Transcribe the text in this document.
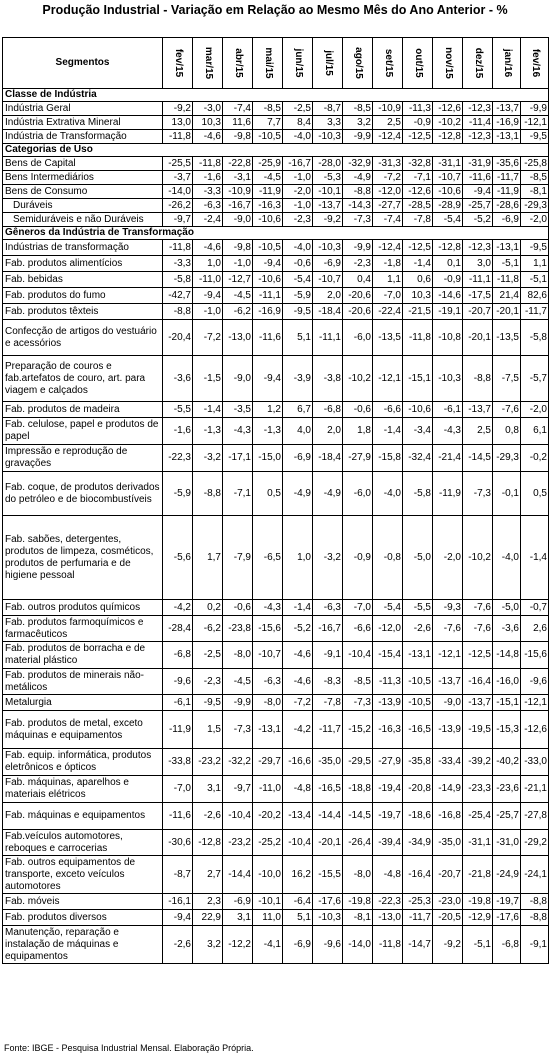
Produção Industrial - Variação em Relação ao Mesmo Mês do Ano Anterior - %
Segmentos	fev/15	mar/15	abr/15	mai/15	jun/15	jul/15	ago/15	set/15	out/15	nov/15	dez/15	jan/16	fev/16

Classe de Indústria													
Indústria Geral	-9,2	-3,0	-7,4	-8,5	-2,5	-8,7	-8,5	-10,9	-11,3	-12,6	-12,3	-13,7	-9,9
Indústria Extrativa Mineral	13,0	10,3	11,6	7,7	8,4	3,3	3,2	2,5	-0,9	-10,2	-11,4	-16,9	-12,1
Indústria de Transformação	-11,8	-4,6	-9,8	-10,5	-4,0	-10,3	-9,9	-12,4	-12,5	-12,8	-12,3	-13,1	-9,5
Categorias de Uso													
Bens de Capital	-25,5	-11,8	-22,8	-25,9	-16,7	-28,0	-32,9	-31,3	-32,8	-31,1	-31,9	-35,6	-25,8
Bens Intermediários	-3,7	-1,6	-3,1	-4,5	-1,0	-5,3	-4,9	-7,2	-7,1	-10,7	-11,6	-11,7	-8,5
Bens de Consumo	-14,0	-3,3	-10,9	-11,9	-2,0	-10,1	-8,8	-12,0	-12,6	-10,6	-9,4	-11,9	-8,1
Duráveis	-26,2	-6,3	-16,7	-16,3	-1,0	-13,7	-14,3	-27,7	-28,5	-28,9	-25,7	-28,6	-29,3
Semiduráveis e não Duráveis	-9,7	-2,4	-9,0	-10,6	-2,3	-9,2	-7,3	-7,4	-7,8	-5,4	-5,2	-6,9	-2,0
Gêneros da Indústria de Transformação													
Indústrias de transformação	-11,8	-4,6	-9,8	-10,5	-4,0	-10,3	-9,9	-12,4	-12,5	-12,8	-12,3	-13,1	-9,5
Fab. produtos alimentícios	-3,3	1,0	-1,0	-9,4	-0,6	-6,9	-2,3	-1,8	-1,4	0,1	3,0	-5,1	1,1
Fab. bebidas	-5,8	-11,0	-12,7	-10,6	-5,4	-10,7	0,4	1,1	0,6	-0,9	-11,1	-11,8	-5,1
Fab. produtos do fumo	-42,7	-9,4	-4,5	-11,1	-5,9	2,0	-20,6	-7,0	10,3	-14,6	-17,5	21,4	82,6
Fab. produtos têxteis	-8,8	-1,0	-6,2	-16,9	-9,5	-18,4	-20,6	-22,4	-21,5	-19,1	-20,7	-20,1	-11,7
Confecção de artigos do vestuário e acessórios	-20,4	-7,2	-13,0	-11,6	5,1	-11,1	-6,0	-13,5	-11,8	-10,8	-20,1	-13,5	-5,8
Preparação de couros e fab.artefatos de couro, art. para viagem e calçados	-3,6	-1,5	-9,0	-9,4	-3,9	-3,8	-10,2	-12,1	-15,1	-10,3	-8,8	-7,5	-5,7
Fab. produtos de madeira	-5,5	-1,4	-3,5	1,2	6,7	-6,8	-0,6	-6,6	-10,6	-6,1	-13,7	-7,6	-2,0
Fab. celulose, papel e produtos de papel	-1,6	-1,3	-4,3	-1,3	4,0	2,0	1,8	-1,4	-3,4	-4,3	2,5	0,8	6,1
Impressão e reprodução de gravações	-22,3	-3,2	-17,1	-15,0	-6,9	-18,4	-27,9	-15,8	-32,4	-21,4	-14,5	-29,3	-0,2
Fab. coque, de produtos derivados do petróleo e de biocombustíveis	-5,9	-8,8	-7,1	0,5	-4,9	-4,9	-6,0	-4,0	-5,8	-11,9	-7,3	-0,1	0,5
Fab. sabões, detergentes, produtos de limpeza, cosméticos, produtos de perfumaria e de higiene pessoal	-5,6	1,7	-7,9	-6,5	1,0	-3,2	-0,9	-0,8	-5,0	-2,0	-10,2	-4,0	-1,4
Fab. outros produtos químicos	-4,2	0,2	-0,6	-4,3	-1,4	-6,3	-7,0	-5,4	-5,5	-9,3	-7,6	-5,0	-0,7
Fab. produtos farmoquímicos e farmacêuticos	-28,4	-6,2	-23,8	-15,6	-5,2	-16,7	-6,6	-12,0	-2,6	-7,6	-7,6	-3,6	2,6
Fab. produtos de borracha e de material plástico	-6,8	-2,5	-8,0	-10,7	-4,6	-9,1	-10,4	-15,4	-13,1	-12,1	-12,5	-14,8	-15,6
Fab. produtos de minerais não-metálicos	-9,6	-2,3	-4,5	-6,3	-4,6	-8,3	-8,5	-11,3	-10,5	-13,7	-16,4	-16,0	-9,6
Metalurgia	-6,1	-9,5	-9,9	-8,0	-7,2	-7,8	-7,3	-13,9	-10,5	-9,0	-13,7	-15,1	-12,1
Fab. produtos de metal, exceto máquinas e equipamentos	-11,9	1,5	-7,3	-13,1	-4,2	-11,7	-15,2	-16,3	-16,5	-13,9	-19,5	-15,3	-12,6
Fab. equip. informática, produtos eletrônicos e ópticos	-33,8	-23,2	-32,2	-29,7	-16,6	-35,0	-29,5	-27,9	-35,8	-33,4	-39,2	-40,2	-33,0
Fab. máquinas, aparelhos e materiais elétricos	-7,0	3,1	-9,7	-11,0	-4,8	-16,5	-18,8	-19,4	-20,8	-14,9	-23,3	-23,6	-21,1
Fab. máquinas e equipamentos	-11,6	-2,6	-10,4	-20,2	-13,4	-14,4	-14,5	-19,7	-18,6	-16,8	-25,4	-25,7	-27,8
Fab.veículos automotores, reboques e carrocerias	-30,6	-12,8	-23,2	-25,2	-10,4	-20,1	-26,4	-39,4	-34,9	-35,0	-31,1	-31,0	-29,2
Fab. outros equipamentos de transporte, exceto veículos automotores	-8,7	2,7	-14,4	-10,0	16,2	-15,5	-8,0	-4,8	-16,4	-20,7	-21,8	-24,9	-24,1
Fab. móveis	-16,1	2,3	-6,9	-10,1	-6,4	-17,6	-19,8	-22,3	-25,3	-23,0	-19,8	-19,7	-8,8
Fab. produtos diversos	-9,4	22,9	3,1	11,0	5,1	-10,3	-8,1	-13,0	-11,7	-20,5	-12,9	-17,6	-8,8
Manutenção, reparação e instalação de máquinas e equipamentos	-2,6	3,2	-12,2	-4,1	-6,9	-9,6	-14,0	-11,8	-14,7	-9,2	-5,1	-6,8	-9,1
Fonte: IBGE - Pesquisa Industrial Mensal. Elaboração Própria.
